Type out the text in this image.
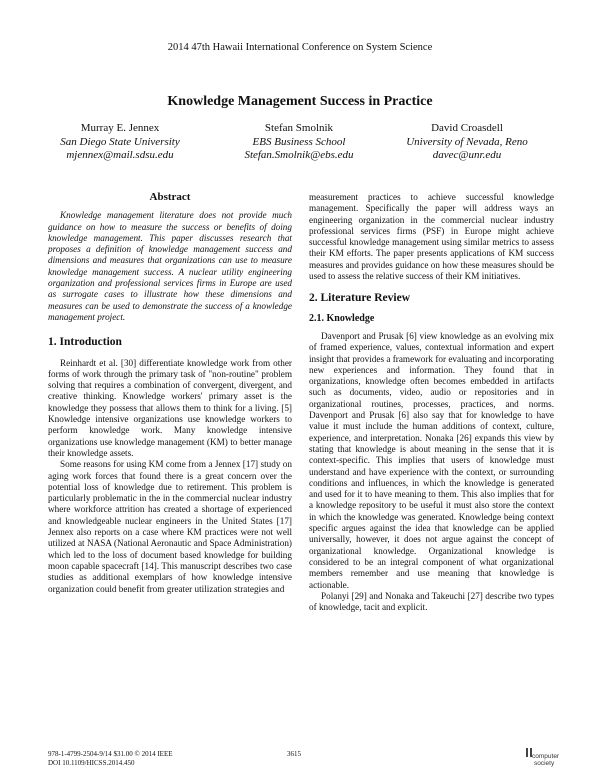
2014 47th Hawaii International Conference on System Science
Knowledge Management Success in Practice
Murray E. Jennex
San Diego State University
mjennex@mail.sdsu.edu
Stefan Smolnik
EBS Business School
Stefan.Smolnik@ebs.edu
David Croasdell
University of Nevada, Reno
davec@unr.edu

Abstract

Knowledge management literature does not provide much guidance on how to measure the success or benefits of doing knowledge management. This paper discusses research that proposes a definition of knowledge management success and dimensions and measures that organizations can use to measure knowledge management success. A nuclear utility engineering organization and professional services firms in Europe are used as surrogate cases to illustrate how these dimensions and measures can be used to demonstrate the success of a knowledge management project.

1. Introduction

Reinhardt et al. [30] differentiate knowledge work from other forms of work through the primary task of "non-routine" problem solving that requires a combination of convergent, divergent, and creative thinking. Knowledge workers' primary asset is the knowledge they possess that allows them to think for a living. [5] Knowledge intensive organizations use knowledge workers to perform knowledge work. Many knowledge intensive organizations use knowledge management (KM) to better manage their knowledge assets.

Some reasons for using KM come from a Jennex [17] study on aging work forces that found there is a great concern over the potential loss of knowledge due to retirement. This problem is particularly problematic in the in the commercial nuclear industry where workforce attrition has created a shortage of experienced and knowledgeable nuclear engineers in the United States [17] Jennex also reports on a case where KM practices were not well utilized at NASA (National Aeronautic and Space Administration) which led to the loss of document based knowledge for building moon capable spacecraft [14]. This manuscript describes two case studies as additional exemplars of how knowledge intensive organization could benefit from greater utilization strategies and

measurement practices to achieve successful knowledge management. Specifically the paper will address ways an engineering organization in the commercial nuclear industry professional services firms (PSF) in Europe might achieve successful knowledge management using similar metrics to assess their KM efforts. The paper presents applications of KM success measures and provides guidance on how these measures should be used to assess the relative success of their KM initiatives.

2. Literature Review

2.1. Knowledge

Davenport and Prusak [6] view knowledge as an evolving mix of framed experience, values, contextual information and expert insight that provides a framework for evaluating and incorporating new experiences and information. They found that in organizations, knowledge often becomes embedded in artifacts such as documents, video, audio or repositories and in organizational routines, processes, practices, and norms. Davenport and Prusak [6] also say that for knowledge to have value it must include the human additions of context, culture, experience, and interpretation. Nonaka [26] expands this view by stating that knowledge is about meaning in the sense that it is context-specific. This implies that users of knowledge must understand and have experience with the context, or surrounding conditions and influences, in which the knowledge is generated and used for it to have meaning to them. This also implies that for a knowledge repository to be useful it must also store the context in which the knowledge was generated. Knowledge being context specific argues against the idea that knowledge can be applied universally, however, it does not argue against the concept of organizational knowledge. Organizational knowledge is considered to be an integral component of what organizational members remember and use meaning that knowledge is actionable.

Polanyi [29] and Nonaka and Takeuchi [27] describe two types of knowledge, tacit and explicit.

978-1-4799-2504-9/14 $31.00 © 2014 IEEE
DOI 10.1109/HICSS.2014.450
3615	computer
society
